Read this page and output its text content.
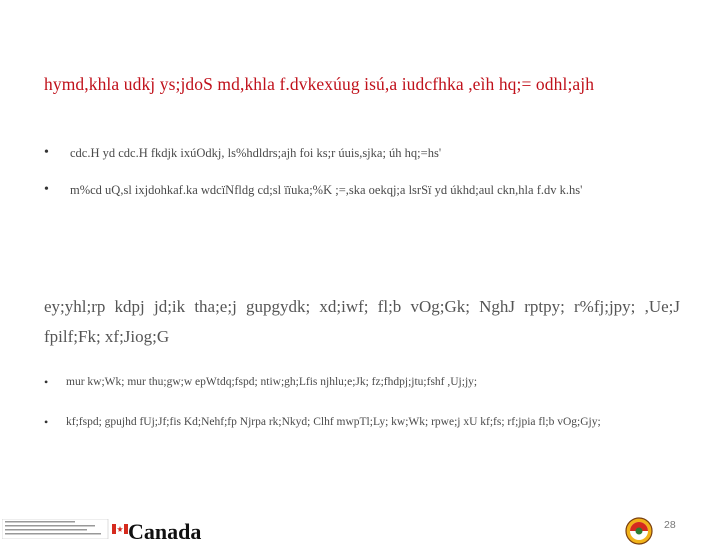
hymd,khla udkj ys;jdoS md,khla f.dvkexúug isú,a iudcfhka ,eìh hq;= odhl;ajh
• cdc.H yd cdc.H fkdjk ixúOdkj, ls%hdldrs;ajh foi ks;r úuis,sjka; úh hq;=hs'
• m%cd uQ,sl ixjdohkaf.ka wdcïNfldg cd;sl ïïuka;%K ;=,ska oekqj;a lsrSï yd úkhd;aul ckn,hla f.dv k.hs'
ey;yhl;rp kdpj jd;ik tha;e;j gupgydk; xd;iwf; fl;b vOg;Gk; NghJ rptpy; r%fj;jpy; ,Ue;J fpilf;Fk; xf;Jiog;G
• mur kw;Wk; mur thu;gw;w epWtdq;fspd; ntiw;gh;Lfis njhlu;e;Jk; fz;fhdpj;jtu;fshf ,Uj;jy;
• kf;fspd; gpujhd fUj;Jf;fis Kd;Nehf;fp Njrpa rk;Nkyd; Clhf mwpTl;Ly; kw;Wk; rpwe;j xU kf;fs; rf;jpia fl;b vOg;Gjy;
Canada	28
